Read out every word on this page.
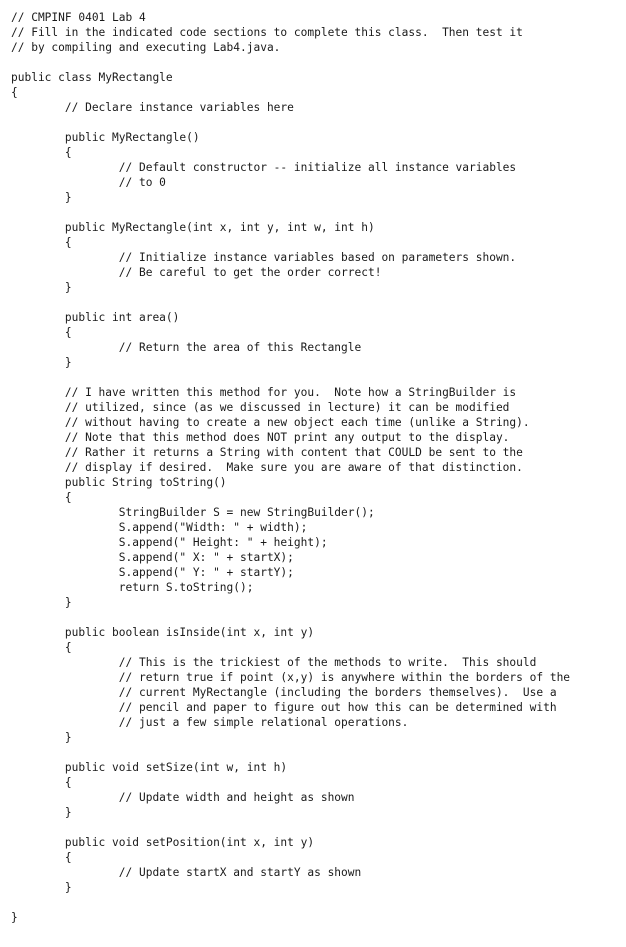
// CMPINF 0401 Lab 4
// Fill in the indicated code sections to complete this class.  Then test it
// by compiling and executing Lab4.java.
public class MyRectangle
{
// Declare instance variables here
public MyRectangle()
{
// Default constructor -- initialize all instance variables
// to 0
}
public MyRectangle(int x, int y, int w, int h)
{
// Initialize instance variables based on parameters shown.
// Be careful to get the order correct!
}
public int area()
{
// Return the area of this Rectangle
}
// I have written this method for you.  Note how a StringBuilder is
// utilized, since (as we discussed in lecture) it can be modified
// without having to create a new object each time (unlike a String).
// Note that this method does NOT print any output to the display.
// Rather it returns a String with content that COULD be sent to the
// display if desired.  Make sure you are aware of that distinction.
public String toString()
{
StringBuilder S = new StringBuilder();
S.append("Width: " + width);
S.append(" Height: " + height);
S.append(" X: " + startX);
S.append(" Y: " + startY);
return S.toString();
}
public boolean isInside(int x, int y)
{
// This is the trickiest of the methods to write.  This should
// return true if point (x,y) is anywhere within the borders of the
// current MyRectangle (including the borders themselves).  Use a
// pencil and paper to figure out how this can be determined with
// just a few simple relational operations.
}
public void setSize(int w, int h)
{
// Update width and height as shown
}
public void setPosition(int x, int y)
{
// Update startX and startY as shown
}
}
